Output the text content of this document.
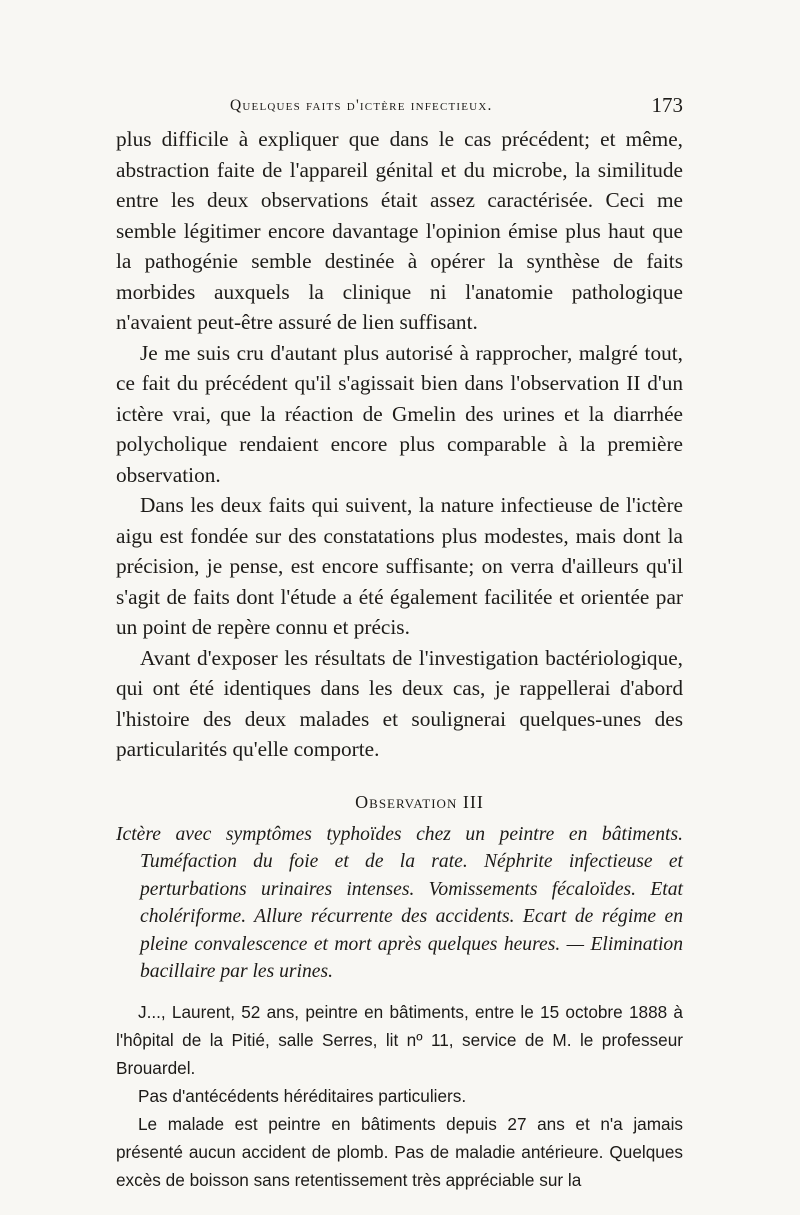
Quelques faits d'ictère infectieux.	173

plus difficile à expliquer que dans le cas précédent; et même, abstraction faite de l'appareil génital et du microbe, la similitude entre les deux observations était assez caractérisée. Ceci me semble légitimer encore davantage l'opinion émise plus haut que la pathogénie semble destinée à opérer la synthèse de faits morbides auxquels la clinique ni l'anatomie pathologique n'avaient peut-être assuré de lien suffisant.

Je me suis cru d'autant plus autorisé à rapprocher, malgré tout, ce fait du précédent qu'il s'agissait bien dans l'observation II d'un ictère vrai, que la réaction de Gmelin des urines et la diarrhée polycholique rendaient encore plus comparable à la première observation.

Dans les deux faits qui suivent, la nature infectieuse de l'ictère aigu est fondée sur des constatations plus modestes, mais dont la précision, je pense, est encore suffisante; on verra d'ailleurs qu'il s'agit de faits dont l'étude a été également facilitée et orientée par un point de repère connu et précis.

Avant d'exposer les résultats de l'investigation bactériologique, qui ont été identiques dans les deux cas, je rappellerai d'abord l'histoire des deux malades et soulignerai quelques-unes des particularités qu'elle comporte.

Observation III

Ictère avec symptômes typhoïdes chez un peintre en bâtiments. Tuméfaction du foie et de la rate. Néphrite infectieuse et perturbations urinaires intenses. Vomissements fécaloïdes. Etat cholériforme. Allure récurrente des accidents. Ecart de régime en pleine convalescence et mort après quelques heures. — Elimination bacillaire par les urines.

J..., Laurent, 52 ans, peintre en bâtiments, entre le 15 octobre 1888 à l'hôpital de la Pitié, salle Serres, lit nº 11, service de M. le professeur Brouardel.

Pas d'antécédents héréditaires particuliers.

Le malade est peintre en bâtiments depuis 27 ans et n'a jamais présenté aucun accident de plomb. Pas de maladie antérieure. Quelques excès de boisson sans retentissement très appréciable sur la
